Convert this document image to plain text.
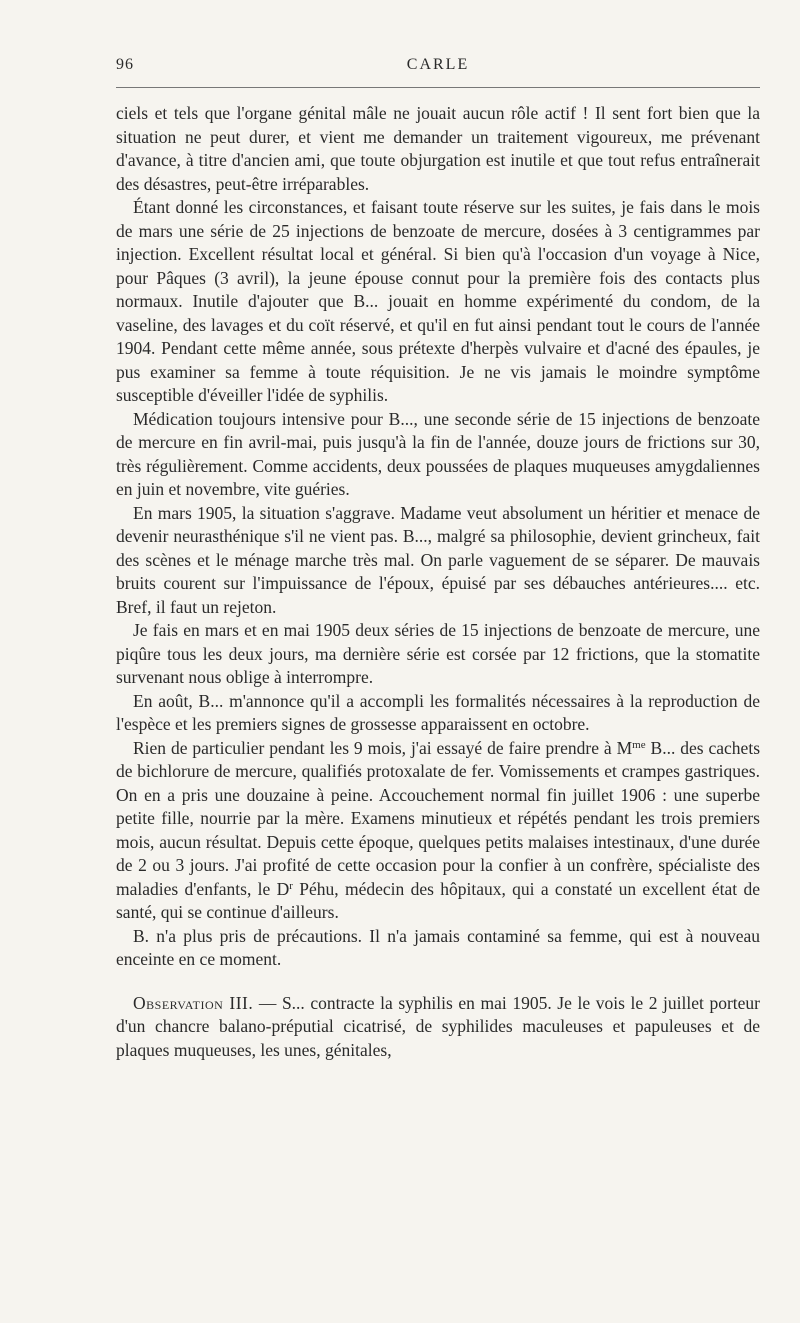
96	CARLE

ciels et tels que l'organe génital mâle ne jouait aucun rôle actif ! Il sent fort bien que la situation ne peut durer, et vient me demander un traitement vigoureux, me prévenant d'avance, à titre d'ancien ami, que toute objurgation est inutile et que tout refus entraînerait des désastres, peut-être irréparables.

Étant donné les circonstances, et faisant toute réserve sur les suites, je fais dans le mois de mars une série de 25 injections de benzoate de mercure, dosées à 3 centigrammes par injection. Excellent résultat local et général. Si bien qu'à l'occasion d'un voyage à Nice, pour Pâques (3 avril), la jeune épouse connut pour la première fois des contacts plus normaux. Inutile d'ajouter que B... jouait en homme expérimenté du condom, de la vaseline, des lavages et du coït réservé, et qu'il en fut ainsi pendant tout le cours de l'année 1904. Pendant cette même année, sous prétexte d'herpès vulvaire et d'acné des épaules, je pus examiner sa femme à toute réquisition. Je ne vis jamais le moindre symptôme susceptible d'éveiller l'idée de syphilis.

Médication toujours intensive pour B..., une seconde série de 15 injections de benzoate de mercure en fin avril-mai, puis jusqu'à la fin de l'année, douze jours de frictions sur 30, très régulièrement. Comme accidents, deux poussées de plaques muqueuses amygdaliennes en juin et novembre, vite guéries.

En mars 1905, la situation s'aggrave. Madame veut absolument un héritier et menace de devenir neurasthénique s'il ne vient pas. B..., malgré sa philosophie, devient grincheux, fait des scènes et le ménage marche très mal. On parle vaguement de se séparer. De mauvais bruits courent sur l'impuissance de l'époux, épuisé par ses débauches antérieures.... etc. Bref, il faut un rejeton.

Je fais en mars et en mai 1905 deux séries de 15 injections de benzoate de mercure, une piqûre tous les deux jours, ma dernière série est corsée par 12 frictions, que la stomatite survenant nous oblige à interrompre.

En août, B... m'annonce qu'il a accompli les formalités nécessaires à la reproduction de l'espèce et les premiers signes de grossesse apparaissent en octobre.

Rien de particulier pendant les 9 mois, j'ai essayé de faire prendre à $M^{me}$ B... des cachets de bichlorure de mercure, qualifiés protoxalate de fer. Vomissements et crampes gastriques. On en a pris une douzaine à peine. Accouchement normal fin juillet 1906 : une superbe petite fille, nourrie par la mère. Examens minutieux et répétés pendant les trois premiers mois, aucun résultat. Depuis cette époque, quelques petits malaises intestinaux, d'une durée de 2 ou 3 jours. J'ai profité de cette occasion pour la confier à un confrère, spécialiste des maladies d'enfants, le $D^r$ Péhu, médecin des hôpitaux, qui a constaté un excellent état de santé, qui se continue d'ailleurs.

B. n'a plus pris de précautions. Il n'a jamais contaminé sa femme, qui est à nouveau enceinte en ce moment.

Observation III. — S... contracte la syphilis en mai 1905. Je le vois le 2 juillet porteur d'un chancre balano-préputial cicatrisé, de syphilides maculeuses et papuleuses et de plaques muqueuses, les unes, génitales,
